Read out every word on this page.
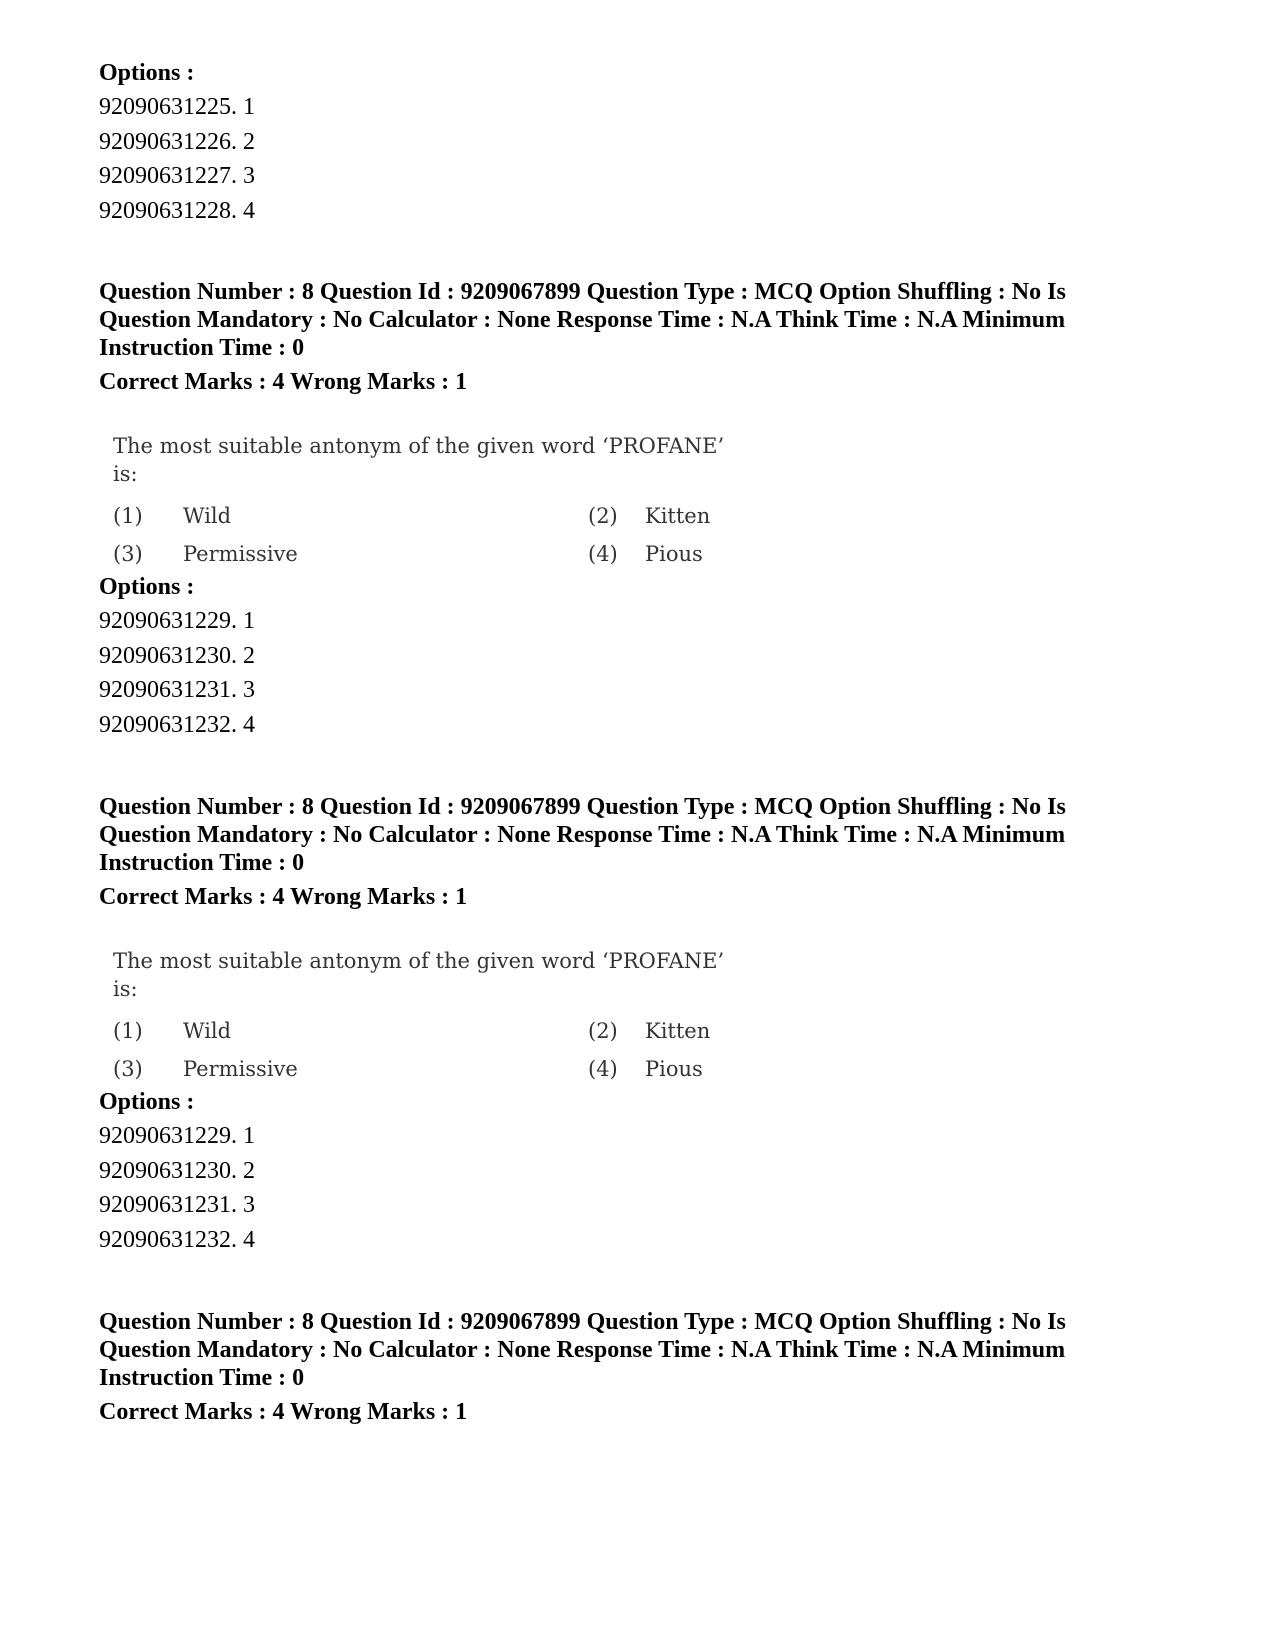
Options :
92090631225. 1
92090631226. 2
92090631227. 3
92090631228. 4
Question Number : 8 Question Id : 9209067899 Question Type : MCQ Option Shuffling : No Is
Question Mandatory : No Calculator : None Response Time : N.A Think Time : N.A Minimum
Instruction Time : 0
Correct Marks : 4 Wrong Marks : 1
The most suitable antonym of the given word ‘PROFANE’ is:
(1)	Wild	(2)	Kitten
(3)	Permissive	(4)	Pious
Options :
92090631229. 1
92090631230. 2
92090631231. 3
92090631232. 4
Question Number : 8 Question Id : 9209067899 Question Type : MCQ Option Shuffling : No Is
Question Mandatory : No Calculator : None Response Time : N.A Think Time : N.A Minimum
Instruction Time : 0
Correct Marks : 4 Wrong Marks : 1
The most suitable antonym of the given word ‘PROFANE’ is:
(1)	Wild	(2)	Kitten
(3)	Permissive	(4)	Pious
Options :
92090631229. 1
92090631230. 2
92090631231. 3
92090631232. 4
Question Number : 8 Question Id : 9209067899 Question Type : MCQ Option Shuffling : No Is
Question Mandatory : No Calculator : None Response Time : N.A Think Time : N.A Minimum
Instruction Time : 0
Correct Marks : 4 Wrong Marks : 1
